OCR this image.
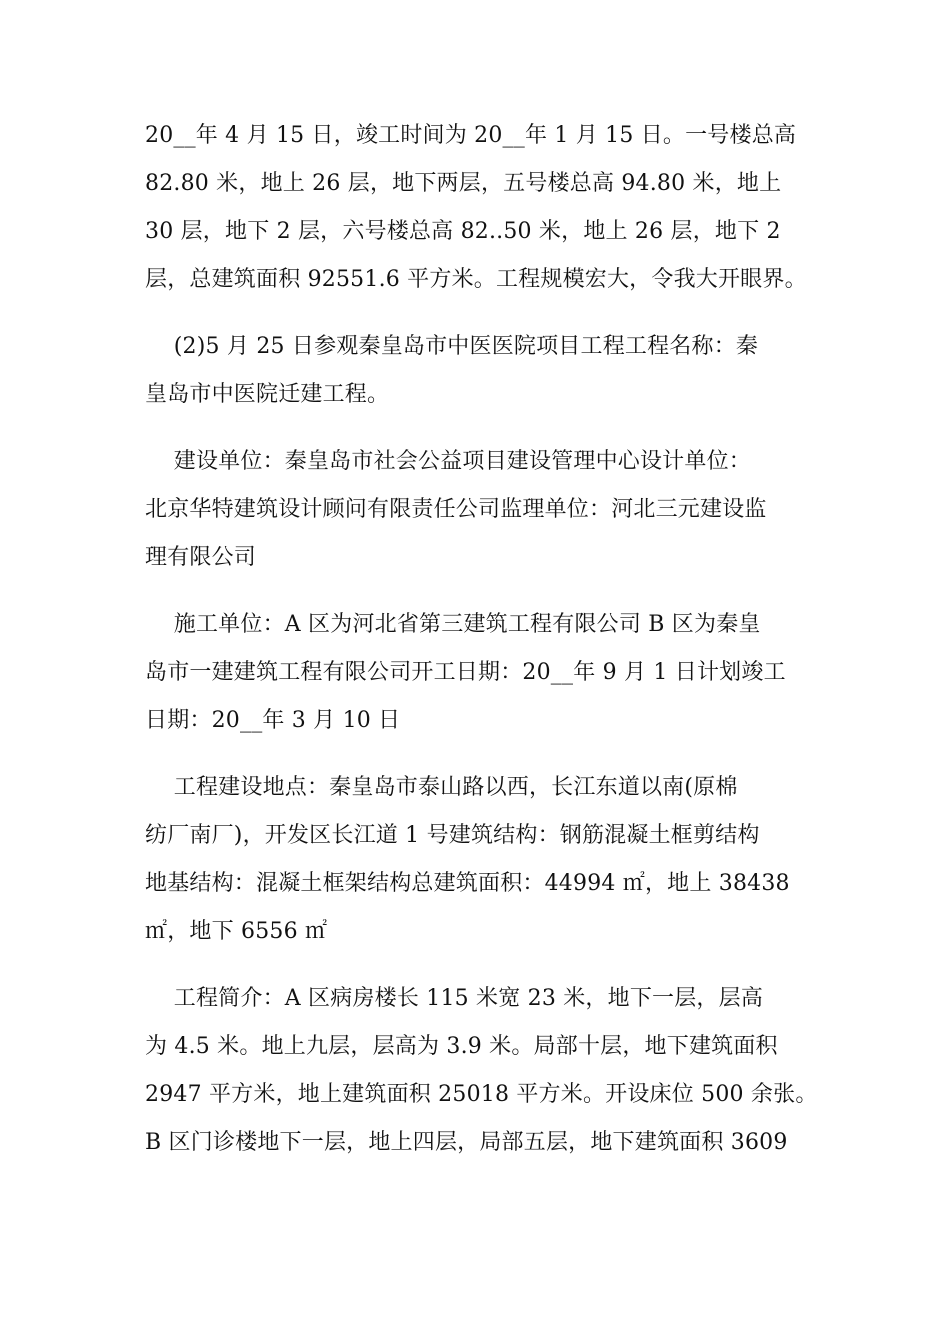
20__年 4 月 15 日，竣工时间为 20__年 1 月 15 日。一号楼总高
82.80 米，地上 26 层，地下两层，五号楼总高 94.80 米，地上
30 层，地下 2 层，六号楼总高 82..50 米，地上 26 层，地下 2
层，总建筑面积 92551.6 平方米。工程规模宏大，令我大开眼界。
(2)5 月 25 日参观秦皇岛市中医医院项目工程工程名称：秦
皇岛市中医院迁建工程。
建设单位：秦皇岛市社会公益项目建设管理中心设计单位：
北京华特建筑设计顾问有限责任公司监理单位：河北三元建设监
理有限公司
施工单位：A 区为河北省第三建筑工程有限公司 B 区为秦皇
岛市一建建筑工程有限公司开工日期：20__年 9 月 1 日计划竣工
日期：20__年 3 月 10 日
工程建设地点：秦皇岛市泰山路以西，长江东道以南(原棉
纺厂南厂)，开发区长江道 1 号建筑结构：钢筋混凝土框剪结构
地基结构：混凝土框架结构总建筑面积：44994 ㎡，地上 38438
㎡，地下 6556 ㎡
工程简介：A 区病房楼长 115 米宽 23 米，地下一层，层高
为 4.5 米。地上九层，层高为 3.9 米。局部十层，地下建筑面积
2947 平方米，地上建筑面积 25018 平方米。开设床位 500 余张。
B 区门诊楼地下一层，地上四层，局部五层，地下建筑面积 3609
